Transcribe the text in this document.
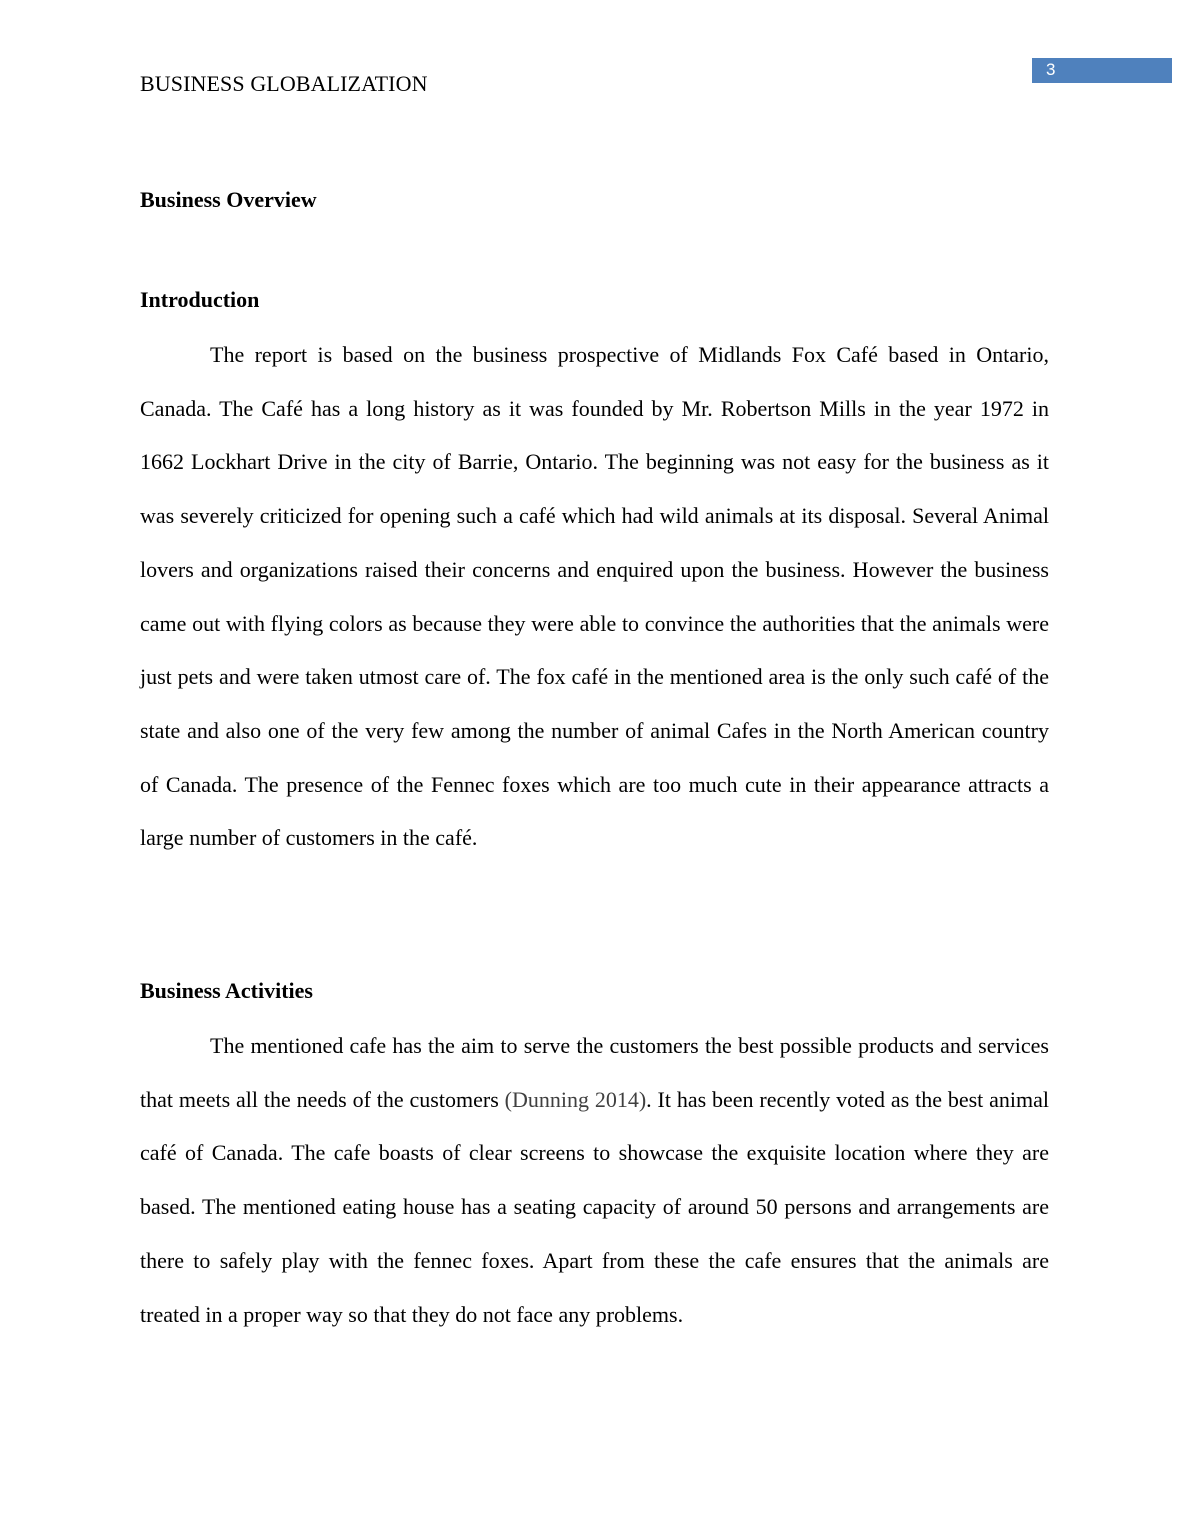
3
BUSINESS GLOBALIZATION
Business Overview
Introduction

The report is based on the business prospective of Midlands Fox Café based in Ontario, Canada. The Café has a long history as it was founded by Mr. Robertson Mills in the year 1972 in 1662 Lockhart Drive in the city of Barrie, Ontario. The beginning was not easy for the business as it was severely criticized for opening such a café which had wild animals at its disposal. Several Animal lovers and organizations raised their concerns and enquired upon the business. However the business came out with flying colors as because they were able to convince the authorities that the animals were just pets and were taken utmost care of. The fox café in the mentioned area is the only such café of the state and also one of the very few among the number of animal Cafes in the North American country of Canada. The presence of the Fennec foxes which are too much cute in their appearance attracts a large number of customers in the café.

Business Activities

The mentioned cafe has the aim to serve the customers the best possible products and services that meets all the needs of the customers (Dunning 2014). It has been recently voted as the best animal café of Canada. The cafe boasts of clear screens to showcase the exquisite location where they are based. The mentioned eating house has a seating capacity of around 50 persons and arrangements are there to safely play with the fennec foxes. Apart from these the cafe ensures that the animals are treated in a proper way so that they do not face any problems.
